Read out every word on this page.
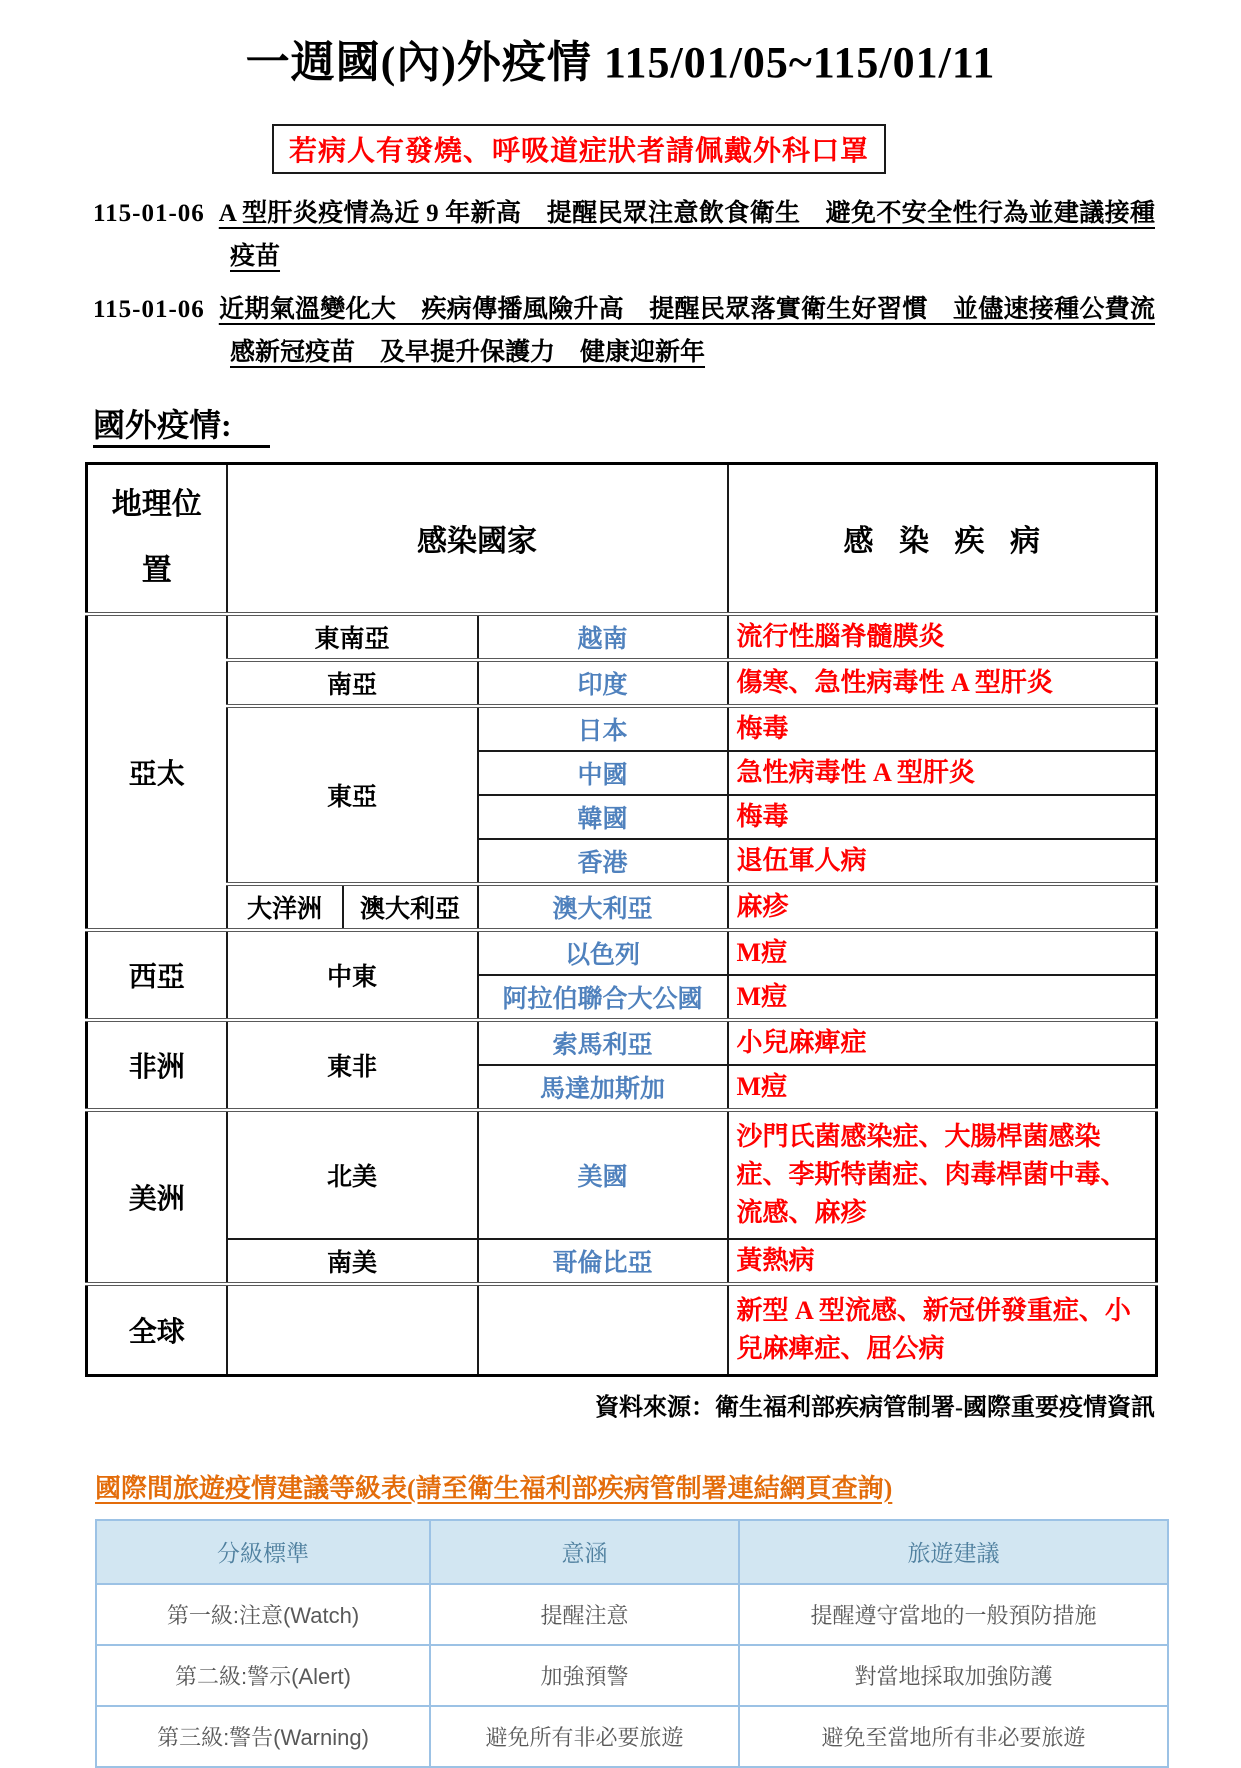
一週國(內)外疫情 115/01/05~115/01/11
若病人有發燒、呼吸道症狀者請佩戴外科口罩
115-01-06 A 型肝炎疫情為近 9 年新高　提醒民眾注意飲食衛生　避免不安全性行為並建議接種疫苗
115-01-06 近期氣溫變化大　疾病傳播風險升高　提醒民眾落實衛生好習慣　並儘速接種公費流感新冠疫苗　及早提升保護力　健康迎新年
國外疫情:
地理位置	感染國家			感染疾病
亞太	東南亞		越南	流行性腦脊髓膜炎
	南亞		印度	傷寒、急性病毒性 A 型肝炎
	東亞		日本	梅毒
			中國	急性病毒性 A 型肝炎
			韓國	梅毒
			香港	退伍軍人病
	大洋洲	澳大利亞	澳大利亞	麻疹
西亞	中東		以色列	M痘
			阿拉伯聯合大公國	M痘
非洲	東非		索馬利亞	小兒麻痺症
			馬達加斯加	M痘
美洲	北美		美國	沙門氏菌感染症、大腸桿菌感染症、李斯特菌症、肉毒桿菌中毒、流感、麻疹
	南美		哥倫比亞	黃熱病
全球				新型 A 型流感、新冠併發重症、小兒麻痺症、屈公病
資料來源：衛生福利部疾病管制署-國際重要疫情資訊
國際間旅遊疫情建議等級表(請至衛生福利部疾病管制署連結網頁查詢)
分級標準	意涵	旅遊建議
第一級:注意(Watch)	提醒注意	提醒遵守當地的一般預防措施
第二級:警示(Alert)	加強預警	對當地採取加強防護
第三級:警告(Warning)	避免所有非必要旅遊	避免至當地所有非必要旅遊
